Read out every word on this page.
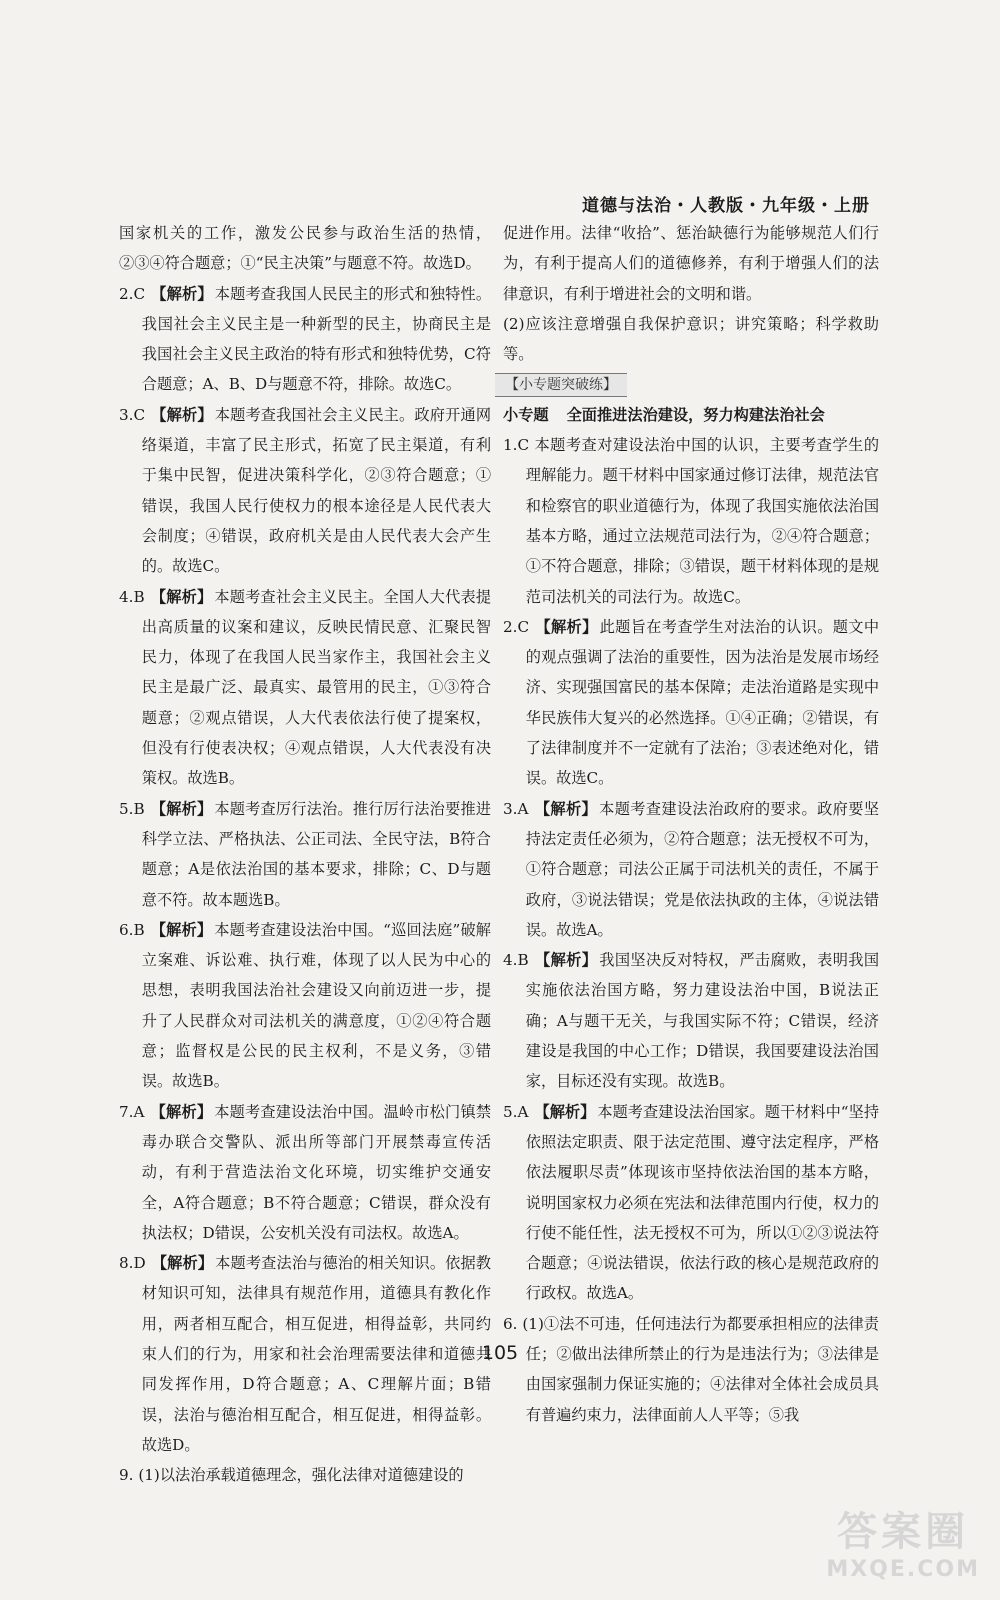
道德与法治・人教版・九年级・上册

国家机关的工作，激发公民参与政治生活的热情，②③④符合题意；①“民主决策”与题意不符。故选D。

2.C 【解析】 本题考查我国人民民主的形式和独特性。我国社会主义民主是一种新型的民主，协商民主是我国社会主义民主政治的特有形式和独特优势，C符合题意；A、B、D与题意不符，排除。故选C。

3.C 【解析】 本题考查我国社会主义民主。政府开通网络渠道，丰富了民主形式，拓宽了民主渠道，有利于集中民智，促进决策科学化，②③符合题意；①错误，我国人民行使权力的根本途径是人民代表大会制度；④错误，政府机关是由人民代表大会产生的。故选C。

4.B 【解析】 本题考查社会主义民主。全国人大代表提出高质量的议案和建议，反映民情民意、汇聚民智民力，体现了在我国人民当家作主，我国社会主义民主是最广泛、最真实、最管用的民主，①③符合题意；②观点错误，人大代表依法行使了提案权，但没有行使表决权；④观点错误，人大代表没有决策权。故选B。

5.B 【解析】 本题考查厉行法治。推行厉行法治要推进科学立法、严格执法、公正司法、全民守法，B符合题意；A是依法治国的基本要求，排除；C、D与题意不符。故本题选B。

6.B 【解析】 本题考查建设法治中国。“巡回法庭”破解立案难、诉讼难、执行难，体现了以人民为中心的思想，表明我国法治社会建设又向前迈进一步，提升了人民群众对司法机关的满意度，①②④符合题意；监督权是公民的民主权利，不是义务，③错误。故选B。

7.A 【解析】 本题考查建设法治中国。温岭市松门镇禁毒办联合交警队、派出所等部门开展禁毒宣传活动，有利于营造法治文化环境，切实维护交通安全，A符合题意；B不符合题意；C错误，群众没有执法权；D错误，公安机关没有司法权。故选A。

8.D 【解析】 本题考查法治与德治的相关知识。依据教材知识可知，法律具有规范作用，道德具有教化作用，两者相互配合，相互促进，相得益彰，共同约束人们的行为，用家和社会治理需要法律和道德共同发挥作用，D符合题意；A、C理解片面；B错误，法治与德治相互配合，相互促进，相得益彰。故选D。

9. (1)以法治承载道德理念，强化法律对道德建设的

促进作用。法律“收拾”、惩治缺德行为能够规范人们行为，有利于提高人们的道德修养，有利于增强人们的法律意识，有利于增进社会的文明和谐。

(2)应该注意增强自我保护意识；讲究策略；科学救助等。

【小专题突破练】

小专题 全面推进法治建设，努力构建法治社会

1.C 本题考查对建设法治中国的认识，主要考查学生的理解能力。题干材料中国家通过修订法律，规范法官和检察官的职业道德行为，体现了我国实施依法治国基本方略，通过立法规范司法行为，②④符合题意；①不符合题意，排除；③错误，题干材料体现的是规范司法机关的司法行为。故选C。

2.C 【解析】 此题旨在考查学生对法治的认识。题文中的观点强调了法治的重要性，因为法治是发展市场经济、实现强国富民的基本保障；走法治道路是实现中华民族伟大复兴的必然选择。①④正确；②错误，有了法律制度并不一定就有了法治；③表述绝对化，错误。故选C。

3.A 【解析】 本题考查建设法治政府的要求。政府要坚持法定责任必须为，②符合题意；法无授权不可为，①符合题意；司法公正属于司法机关的责任，不属于政府，③说法错误；党是依法执政的主体，④说法错误。故选A。

4.B 【解析】 我国坚决反对特权，严击腐败，表明我国实施依法治国方略，努力建设法治中国，B说法正确；A与题干无关，与我国实际不符；C错误，经济建设是我国的中心工作；D错误，我国要建设法治国家，目标还没有实现。故选B。

5.A 【解析】 本题考查建设法治国家。题干材料中“坚持依照法定职责、限于法定范围、遵守法定程序，严格依法履职尽责”体现该市坚持依法治国的基本方略，说明国家权力必须在宪法和法律范围内行使，权力的行使不能任性，法无授权不可为，所以①②③说法符合题意；④说法错误，依法行政的核心是规范政府的行政权。故选A。

6. (1)①法不可违，任何违法行为都要承担相应的法律责任；②做出法律所禁止的行为是违法行为；③法律是由国家强制力保证实施的；④法律对全体社会成员具有普遍约束力，法律面前人人平等；⑤我

105
答案圈
MXQE.COM
